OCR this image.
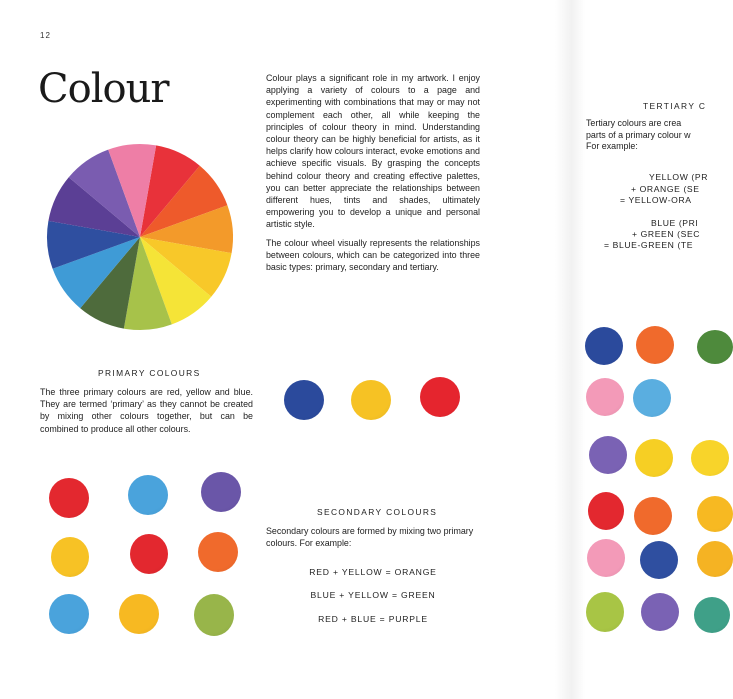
12
Colour	Colour plays a significant role in my artwork. I enjoy applying a variety of colours to a page and experimenting with combinations that may or may not complement each other, all while keeping the principles of colour theory in mind. Understanding colour theory can be highly beneficial for artists, as it helps clarify how colours interact, evoke emotions and achieve specific visuals. By grasping the concepts behind colour theory and creating effective palettes, you can better appreciate the relationships between different hues, tints and shades, ultimately empowering you to develop a unique and personal artistic style.

The colour wheel visually represents the relationships between colours, which can be categorized into three basic types: primary, secondary and tertiary.

PRIMARY COLOURS

The three primary colours are red, yellow and blue. They are termed ‘primary’ as they cannot be created by mixing other colours together, but can be combined to produce all other colours.

SECONDARY COLOURS

Secondary colours are formed by mixing two primary colours. For example:

RED + YELLOW = ORANGE
BLUE + YELLOW = GREEN
RED + BLUE = PURPLE
TERTIARY C

Tertiary colours are crea

parts of a primary colour w

For example:

YELLOW (PR
+ ORANGE (SE
= YELLOW-ORA
BLUE (PRI
+ GREEN (SEC
= BLUE-GREEN (TE
